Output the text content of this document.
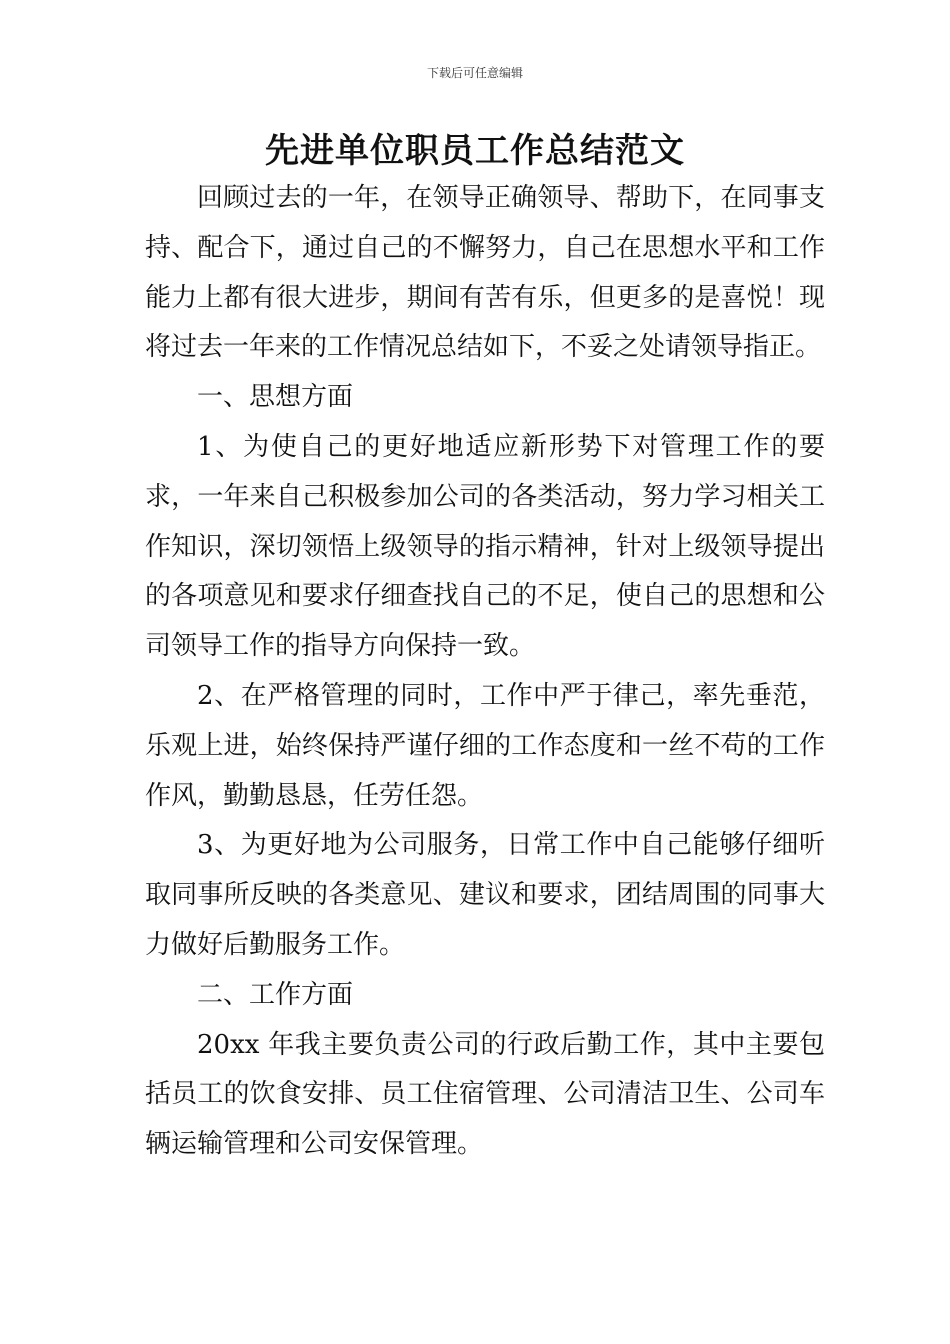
下载后可任意编辑
先进单位职员工作总结范文

回顾过去的一年，在领导正确领导、帮助下，在同事支持、配合下，通过自己的不懈努力，自己在思想水平和工作能力上都有很大进步，期间有苦有乐，但更多的是喜悦！现将过去一年来的工作情况总结如下，不妥之处请领导指正。

一、思想方面

1、为使自己的更好地适应新形势下对管理工作的要求，一年来自己积极参加公司的各类活动，努力学习相关工作知识，深切领悟上级领导的指示精神，针对上级领导提出的各项意见和要求仔细查找自己的不足，使自己的思想和公司领导工作的指导方向保持一致。

2、在严格管理的同时，工作中严于律己，率先垂范，乐观上进，始终保持严谨仔细的工作态度和一丝不苟的工作作风，勤勤恳恳，任劳任怨。

3、为更好地为公司服务，日常工作中自己能够仔细听取同事所反映的各类意见、建议和要求，团结周围的同事大力做好后勤服务工作。

二、工作方面

20xx 年我主要负责公司的行政后勤工作，其中主要包括员工的饮食安排、员工住宿管理、公司清洁卫生、公司车辆运输管理和公司安保管理。
